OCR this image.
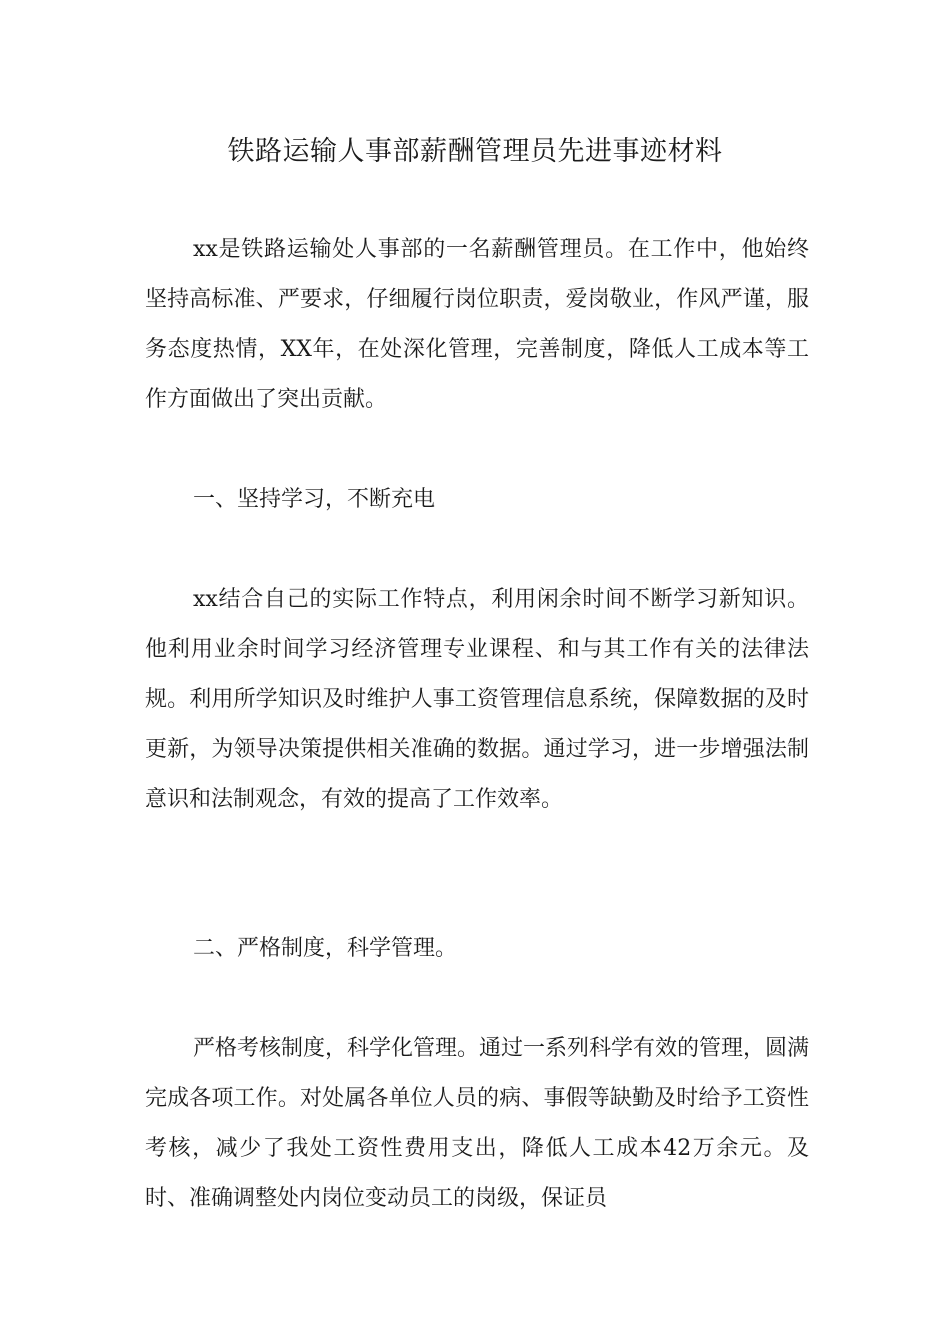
铁路运输人事部薪酬管理员先进事迹材料

xx是铁路运输处人事部的一名薪酬管理员。在工作中，他始终坚持高标准、严要求，仔细履行岗位职责，爱岗敬业，作风严谨，服务态度热情，XX年，在处深化管理，完善制度，降低人工成本等工作方面做出了突出贡献。

一、坚持学习，不断充电

xx结合自己的实际工作特点，利用闲余时间不断学习新知识。他利用业余时间学习经济管理专业课程、和与其工作有关的法律法规。利用所学知识及时维护人事工资管理信息系统，保障数据的及时更新，为领导决策提供相关准确的数据。通过学习，进一步增强法制意识和法制观念，有效的提高了工作效率。

二、严格制度，科学管理。

严格考核制度，科学化管理。通过一系列科学有效的管理，圆满完成各项工作。对处属各单位人员的病、事假等缺勤及时给予工资性考核，减少了我处工资性费用支出，降低人工成本42万余元。及时、准确调整处内岗位变动员工的岗级，保证员
